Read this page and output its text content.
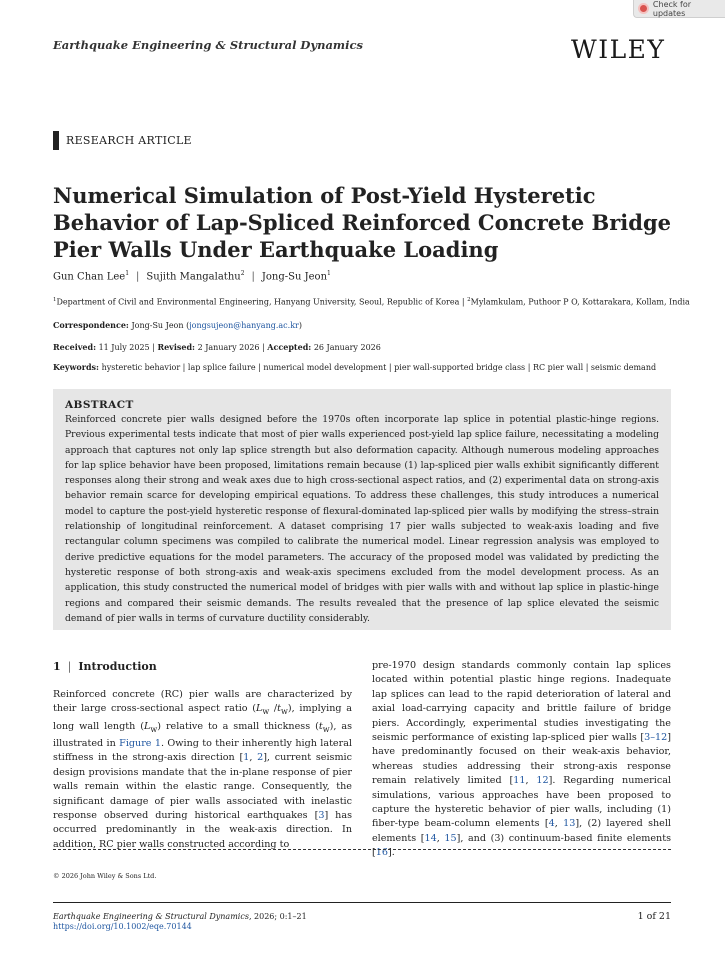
Check for updates
Earthquake Engineering & Structural Dynamics	WILEY
RESEARCH ARTICLE
Numerical Simulation of Post-Yield Hysteretic Behavior of Lap-Spliced Reinforced Concrete Bridge Pier Walls Under Earthquake Loading
Gun Chan Lee$^1$ | Sujith Mangalathu$^2$ | Jong-Su Jeon$^1$
$^1$Department of Civil and Environmental Engineering, Hanyang University, Seoul, Republic of Korea | $^2$Mylamkulam, Puthoor P O, Kottarakara, Kollam, India
Correspondence: Jong-Su Jeon (jongsujeon@hanyang.ac.kr)
Received: 11 July 2025 | Revised: 2 January 2026 | Accepted: 26 January 2026
Keywords: hysteretic behavior | lap splice failure | numerical model development | pier wall-supported bridge class | RC pier wall | seismic demand
ABSTRACT

Reinforced concrete pier walls designed before the 1970s often incorporate lap splice in potential plastic-hinge regions. Previous experimental tests indicate that most of pier walls experienced post-yield lap splice failure, necessitating a modeling approach that captures not only lap splice strength but also deformation capacity. Although numerous modeling approaches for lap splice behavior have been proposed, limitations remain because (1) lap-spliced pier walls exhibit significantly different responses along their strong and weak axes due to high cross-sectional aspect ratios, and (2) experimental data on strong-axis behavior remain scarce for developing empirical equations. To address these challenges, this study introduces a numerical model to capture the post-yield hysteretic response of flexural-dominated lap-spliced pier walls by modifying the stress–strain relationship of longitudinal reinforcement. A dataset comprising 17 pier walls subjected to weak-axis loading and five rectangular column specimens was compiled to calibrate the numerical model. Linear regression analysis was employed to derive predictive equations for the model parameters. The accuracy of the proposed model was validated by predicting the hysteretic response of both strong-axis and weak-axis specimens excluded from the model development process. As an application, this study constructed the numerical model of bridges with pier walls with and without lap splice in plastic-hinge regions and compared their seismic demands. The results revealed that the presence of lap splice elevated the seismic demand of pier walls in terms of curvature ductility considerably.

1 | Introduction
Reinforced concrete (RC) pier walls are characterized by their large cross-sectional aspect ratio ($L_w$ $/t_w$), implying a long wall length $(L_w)$ relative to a small thickness $(t_w)$, as illustrated in Figure 1. Owing to their inherently high lateral stiffness in the strong-axis direction [1, 2], current seismic design provisions mandate that the in-plane response of pier walls remain within the elastic range. Consequently, the significant damage of pier walls associated with inelastic response observed during historical earthquakes [3] has occurred predominantly in the weak-axis direction. In addition, RC pier walls constructed according to
pre-1970 design standards commonly contain lap splices located within potential plastic hinge regions. Inadequate lap splices can lead to the rapid deterioration of lateral and axial load-carrying capacity and brittle failure of bridge piers. Accordingly, experimental studies investigating the seismic performance of existing lap-spliced pier walls [3–12] have predominantly focused on their weak-axis behavior, whereas studies addressing their strong-axis response remain relatively limited [11, 12]. Regarding numerical simulations, various approaches have been proposed to capture the hysteretic behavior of pier walls, including (1) fiber-type beam-column elements [4, 13], (2) layered shell elements [14, 15], and (3) continuum-based finite elements [16].
© 2026 John Wiley & Sons Ltd.
Earthquake Engineering & Structural Dynamics, 2026; 0:1–21
https://doi.org/10.1002/eqe.70144
1 of 21
